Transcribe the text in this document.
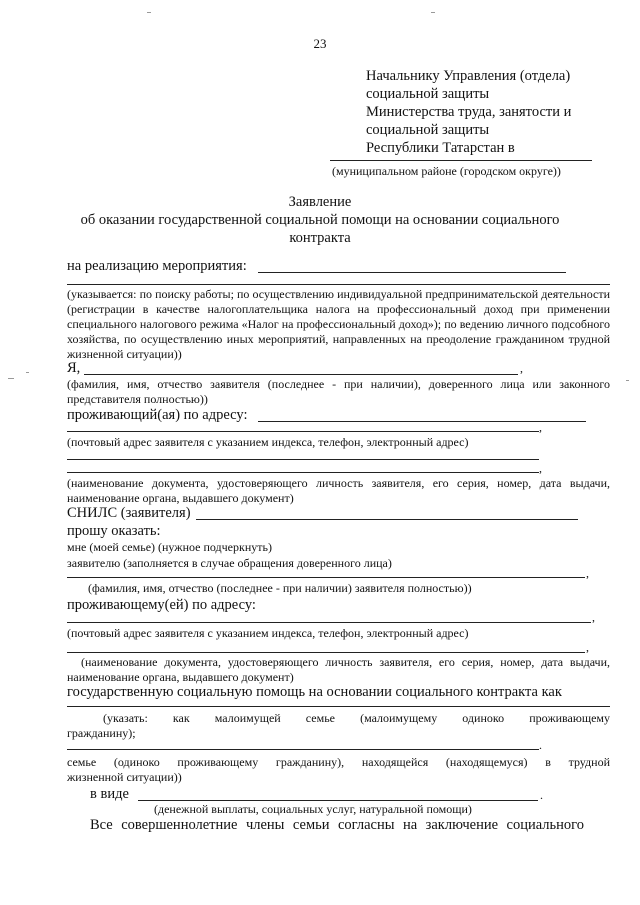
23
Начальнику Управления (отдела)
социальной защиты
Министерства труда, занятости и
социальной защиты
Республики Татарстан в
(муниципальном районе (городском округе))
Заявление
об оказании государственной социальной помощи на основании социального
контракта
на реализацию мероприятия:
(указывается: по поиску работы; по осуществлению индивидуальной предпринимательской деятельности (регистрации в качестве налогоплательщика налога на профессиональный доход при применении специального налогового режима «Налог на профессиональный доход»); по ведению личного подсобного хозяйства, по осуществлению иных мероприятий, направленных на преодоление гражданином трудной жизненной ситуации))
Я,	,
(фамилия, имя, отчество заявителя (последнее - при наличии), доверенного лица или законного представителя полностью))
проживающий(ая) по адресу:
,
(почтовый адрес заявителя с указанием индекса, телефон, электронный адрес)
,
(наименование документа, удостоверяющего личность заявителя, его серия, номер, дата выдачи, наименование органа, выдавшего документ)
СНИЛС (заявителя)
прошу оказать:
мне (моей семье) (нужное подчеркнуть)
заявителю (заполняется в случае обращения доверенного лица)
,
(фамилия, имя, отчество (последнее - при наличии) заявителя полностью))
проживающему(ей) по адресу:
,
(почтовый адрес заявителя с указанием индекса, телефон, электронный адрес)
,
(наименование документа, удостоверяющего личность заявителя, его серия, номер, дата выдачи, наименование органа, выдавшего документ)
государственную социальную помощь на основании социального контракта как
(указать: как малоимущей семье (малоимущему одиноко проживающему
гражданину);
.
семье (одиноко проживающему гражданину), находящейся (находящемуся) в трудной
жизненной ситуации))
в виде	.
(денежной выплаты, социальных услуг, натуральной помощи)
Все совершеннолетние члены семьи согласны на заключение социального
